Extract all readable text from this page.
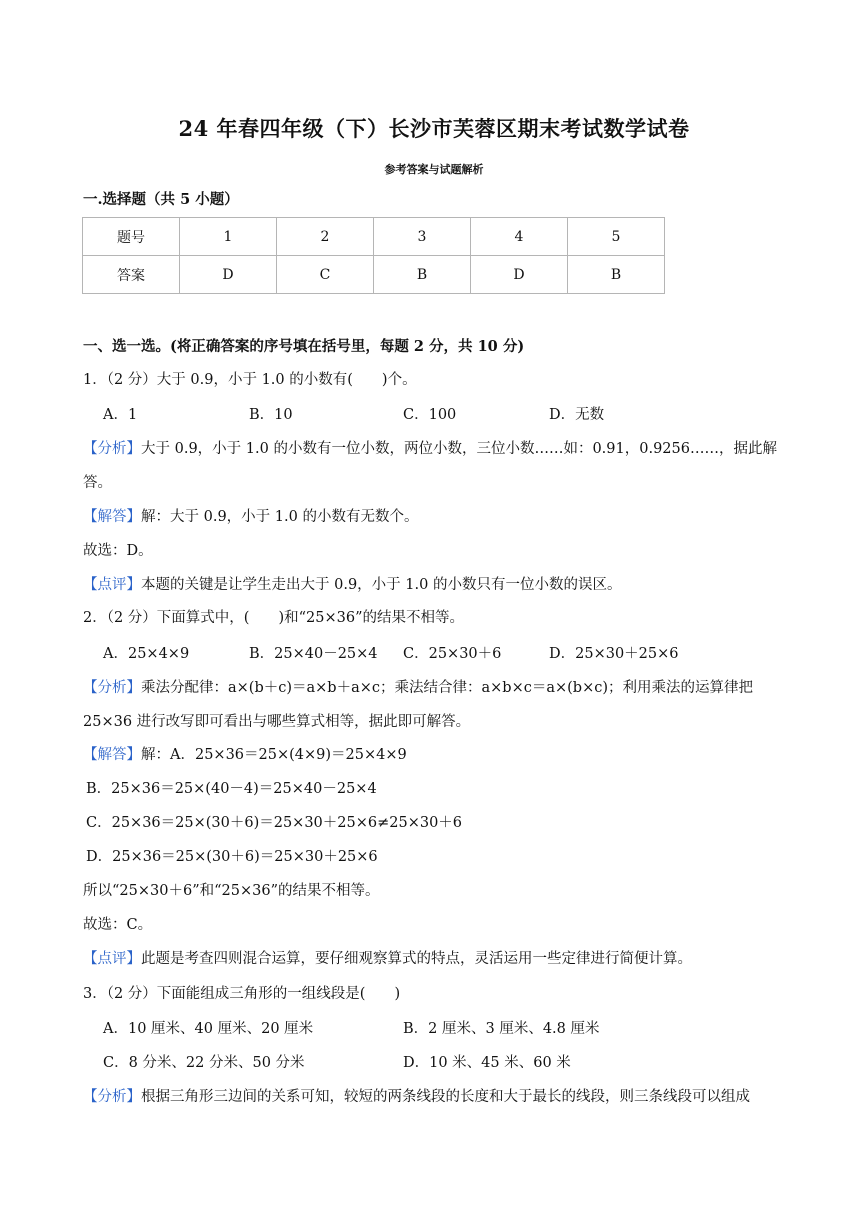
24 年春四年级（下）长沙市芙蓉区期末考试数学试卷
参考答案与试题解析
一.选择题（共 5 小题）
题号	1	2	3	4	5
答案	D	C	B	D	B
一、选一选。(将正确答案的序号填在括号里，每题 2 分，共 10 分)
1．（2 分）大于 0.9，小于 1.0 的小数有(　　)个。
A．1	B．10	C．100	D．无数
【分析】大于 0.9，小于 1.0 的小数有一位小数，两位小数，三位小数……如：0.91，0.9256……，据此解
答。
【解答】解：大于 0.9，小于 1.0 的小数有无数个。
故选：D。
【点评】本题的关键是让学生走出大于 0.9，小于 1.0 的小数只有一位小数的误区。
2．（2 分）下面算式中，(　　)和“25×36”的结果不相等。
A．25×4×9	B．25×40－25×4 C．25×30＋6	D．25×30＋25×6
【分析】乘法分配律：a×(b＋c)＝a×b＋a×c；乘法结合律：a×b×c＝a×(b×c)；利用乘法的运算律把
25×36 进行改写即可看出与哪些算式相等，据此即可解答。
【解答】解：A．25×36＝25×(4×9)＝25×4×9
B．25×36＝25×(40－4)＝25×40－25×4
C．25×36＝25×(30＋6)＝25×30＋25×6≠25×30＋6
D．25×36＝25×(30＋6)＝25×30＋25×6
所以“25×30＋6”和“25×36”的结果不相等。
故选：C。
【点评】此题是考查四则混合运算，要仔细观察算式的特点，灵活运用一些定律进行简便计算。
3．（2 分）下面能组成三角形的一组线段是(　　)
A．10 厘米、40 厘米、20 厘米	B．2 厘米、3 厘米、4.8 厘米
C．8 分米、22 分米、50 分米	D．10 米、45 米、60 米
【分析】根据三角形三边间的关系可知，较短的两条线段的长度和大于最长的线段，则三条线段可以组成
